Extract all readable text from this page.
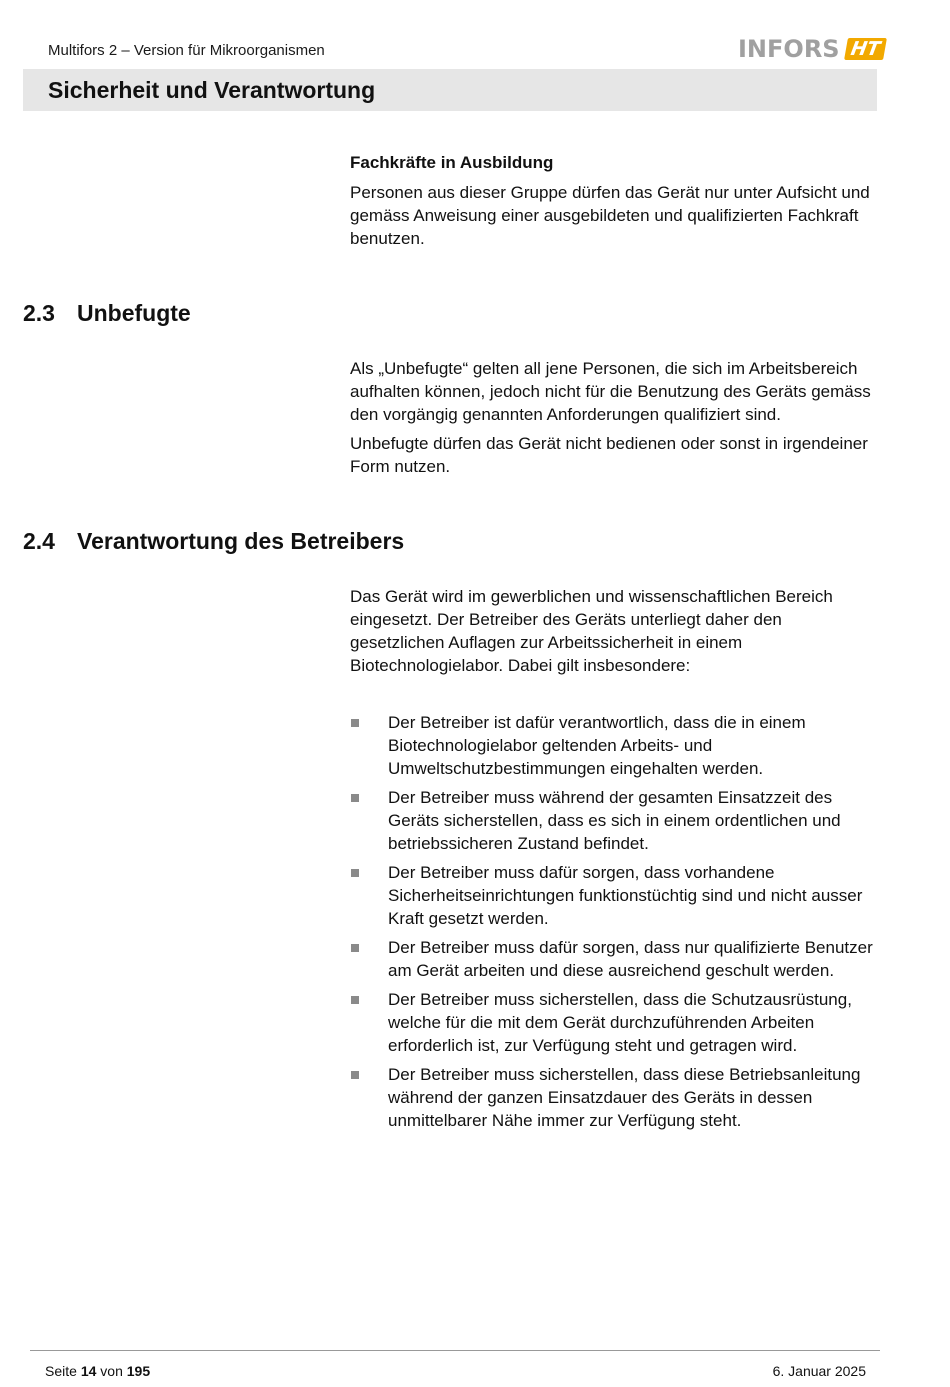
Multifors 2 – Version für Mikroorganismen	INFORS HT
Sicherheit und Verantwortung
Fachkräfte in Ausbildung

Personen aus dieser Gruppe dürfen das Gerät nur unter Aufsicht und gemäss Anweisung einer ausgebildeten und qualifizierten Fachkraft benutzen.

2.3 Unbefugte

Als „Unbefugte“ gelten all jene Personen, die sich im Arbeitsbereich aufhalten können, jedoch nicht für die Benutzung des Geräts gemäss den vorgängig genannten Anforderungen qualifiziert sind.

Unbefugte dürfen das Gerät nicht bedienen oder sonst in irgendeiner Form nutzen.

2.4 Verantwortung des Betreibers

Das Gerät wird im gewerblichen und wissenschaftlichen Bereich eingesetzt. Der Betreiber des Geräts unterliegt daher den gesetzlichen Auflagen zur Arbeitssicherheit in einem Biotechnologielabor. Dabei gilt insbesondere:

Der Betreiber ist dafür verantwortlich, dass die in einem Biotechnologielabor geltenden Arbeits- und Umweltschutzbestimmungen eingehalten werden.
Der Betreiber muss während der gesamten Einsatzzeit des Geräts sicherstellen, dass es sich in einem ordentlichen und betriebssicheren Zustand befindet.
Der Betreiber muss dafür sorgen, dass vorhandene Sicherheitseinrichtungen funktionstüchtig sind und nicht ausser Kraft gesetzt werden.
Der Betreiber muss dafür sorgen, dass nur qualifizierte Benutzer am Gerät arbeiten und diese ausreichend geschult werden.
Der Betreiber muss sicherstellen, dass die Schutzausrüstung, welche für die mit dem Gerät durchzuführenden Arbeiten erforderlich ist, zur Verfügung steht und getragen wird.
Der Betreiber muss sicherstellen, dass diese Betriebsanleitung während der ganzen Einsatzdauer des Geräts in dessen unmittelbarer Nähe immer zur Verfügung steht.
Seite 14 von 195	6. Januar 2025
